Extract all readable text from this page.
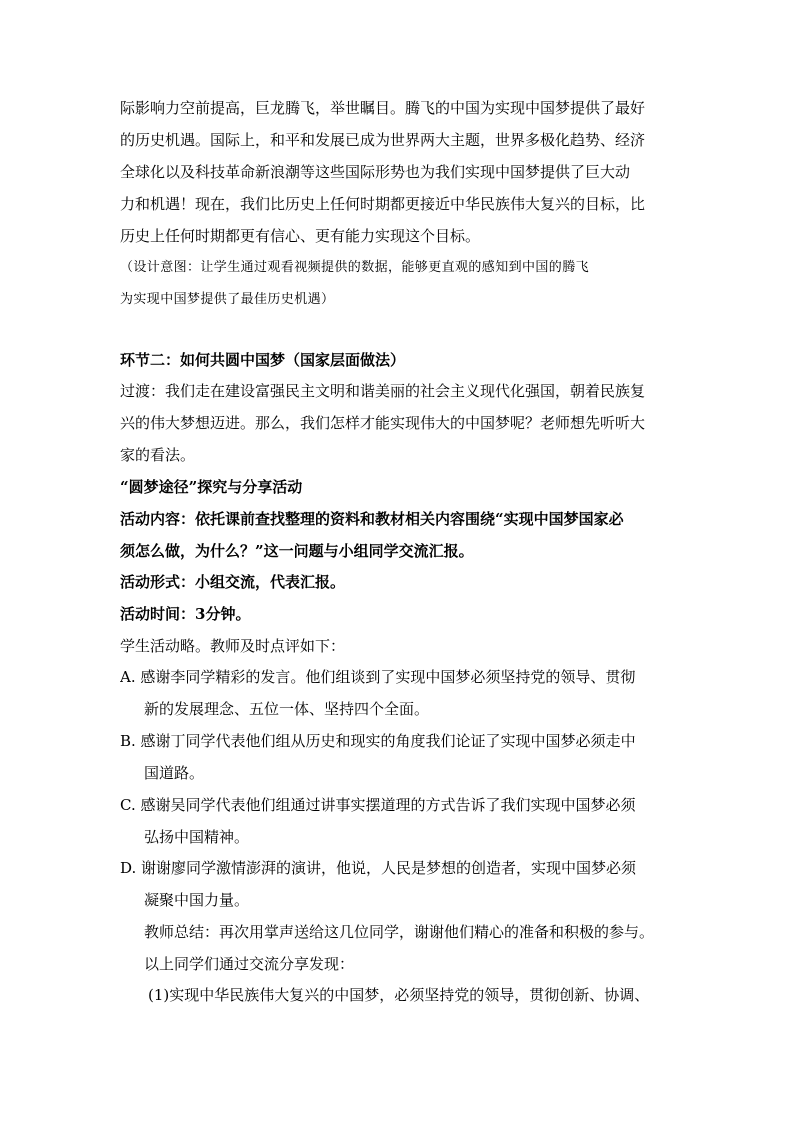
际影响力空前提高，巨龙腾飞，举世瞩目。腾飞的中国为实现中国梦提供了最好
的历史机遇。国际上，和平和发展已成为世界两大主题，世界多极化趋势、经济
全球化以及科技革命新浪潮等这些国际形势也为我们实现中国梦提供了巨大动
力和机遇！现在，我们比历史上任何时期都更接近中华民族伟大复兴的目标，比
历史上任何时期都更有信心、更有能力实现这个目标。
（设计意图：让学生通过观看视频提供的数据，能够更直观的感知到中国的腾飞
为实现中国梦提供了最佳历史机遇）
环节二：如何共圆中国梦（国家层面做法）
过渡：我们走在建设富强民主文明和谐美丽的社会主义现代化强国，朝着民族复
兴的伟大梦想迈进。那么，我们怎样才能实现伟大的中国梦呢？老师想先听听大
家的看法。
“圆梦途径”探究与分享活动
活动内容：依托课前查找整理的资料和教材相关内容围绕“实现中国梦国家必
须怎么做，为什么？”这一问题与小组同学交流汇报。
活动形式：小组交流，代表汇报。
活动时间：3分钟。
学生活动略。教师及时点评如下：
A. 感谢李同学精彩的发言。他们组谈到了实现中国梦必须坚持党的领导、贯彻
新的发展理念、五位一体、坚持四个全面。
B. 感谢丁同学代表他们组从历史和现实的角度我们论证了实现中国梦必须走中
国道路。
C. 感谢吴同学代表他们组通过讲事实摆道理的方式告诉了我们实现中国梦必须
弘扬中国精神。
D. 谢谢廖同学激情澎湃的演讲，他说，人民是梦想的创造者，实现中国梦必须
凝聚中国力量。
教师总结：再次用掌声送给这几位同学，谢谢他们精心的准备和积极的参与。
以上同学们通过交流分享发现：
(1)实现中华民族伟大复兴的中国梦，必须坚持党的领导，贯彻创新、协调、
